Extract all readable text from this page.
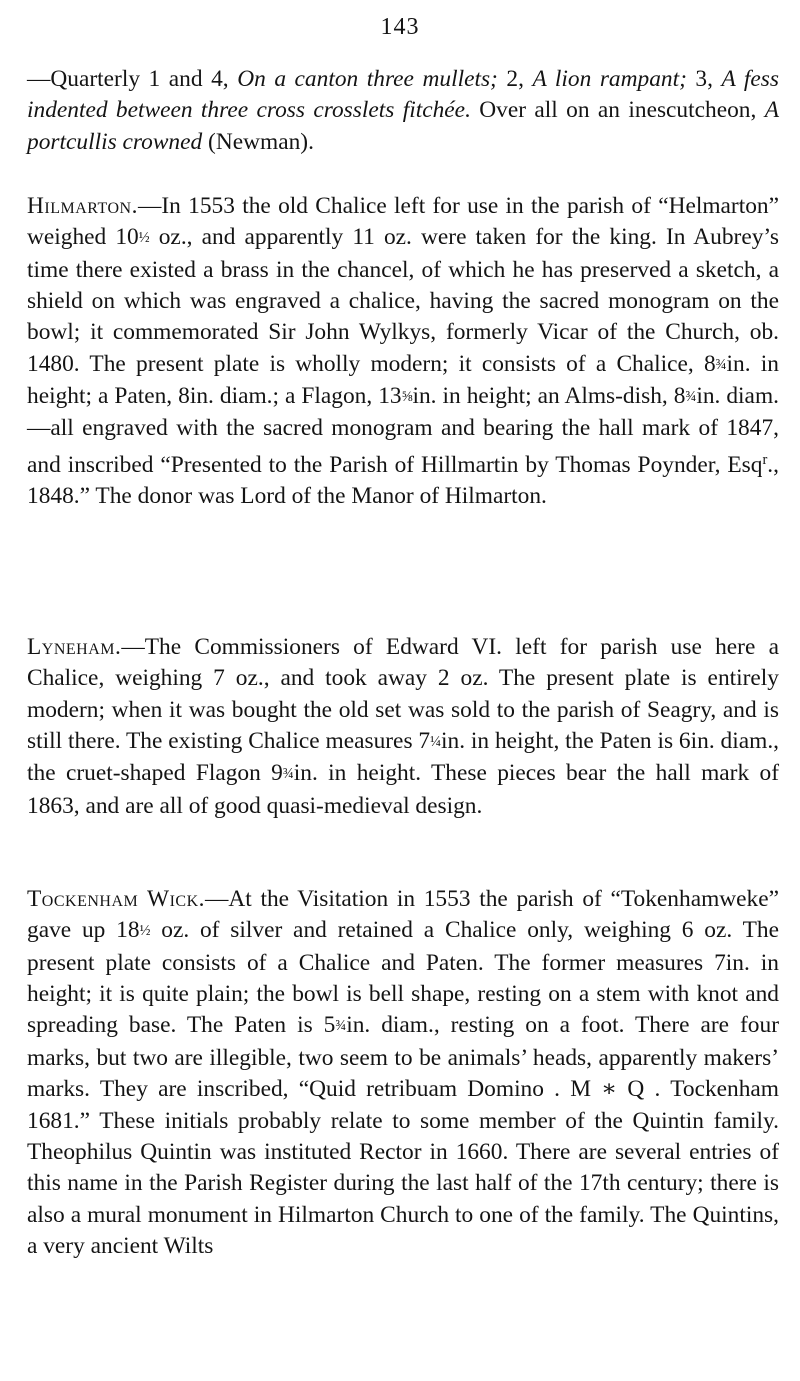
143

—Quarterly 1 and 4, On a canton three mullets; 2, A lion rampant; 3, A fess indented between three cross crosslets fitchée. Over all on an inescutcheon, A portcullis crowned (Newman).

Hilmarton.—In 1553 the old Chalice left for use in the parish of “Helmarton” weighed 10½ oz., and apparently 11 oz. were taken for the king. In Aubrey’s time there existed a brass in the chancel, of which he has preserved a sketch, a shield on which was engraved a chalice, having the sacred monogram on the bowl; it commemorated Sir John Wylkys, formerly Vicar of the Church, ob. 1480. The present plate is wholly modern; it consists of a Chalice, 8¾in. in height; a Paten, 8in. diam.; a Flagon, 13⅝in. in height; an Alms-dish, 8¾in. diam.—all engraved with the sacred monogram and bearing the hall mark of 1847, and inscribed “Presented to the Parish of Hillmartin by Thomas Poynder, Esq$^r$., 1848.” The donor was Lord of the Manor of Hilmarton.

Lyneham.—The Commissioners of Edward VI. left for parish use here a Chalice, weighing 7 oz., and took away 2 oz. The present plate is entirely modern; when it was bought the old set was sold to the parish of Seagry, and is still there. The existing Chalice measures 7¼in. in height, the Paten is 6in. diam., the cruet-shaped Flagon 9¾in. in height. These pieces bear the hall mark of 1863, and are all of good quasi-medieval design.

Tockenham Wick.—At the Visitation in 1553 the parish of “Tokenhamweke” gave up 18½ oz. of silver and retained a Chalice only, weighing 6 oz. The present plate consists of a Chalice and Paten. The former measures 7in. in height; it is quite plain; the bowl is bell shape, resting on a stem with knot and spreading base. The Paten is 5¾in. diam., resting on a foot. There are four marks, but two are illegible, two seem to be animals’ heads, apparently makers’ marks. They are inscribed, “Quid retribuam Domino . M ∗ Q . Tockenham 1681.” These initials probably relate to some member of the Quintin family. Theophilus Quintin was instituted Rector in 1660. There are several entries of this name in the Parish Register during the last half of the 17th century; there is also a mural monument in Hilmarton Church to one of the family. The Quintins, a very ancient Wilts
